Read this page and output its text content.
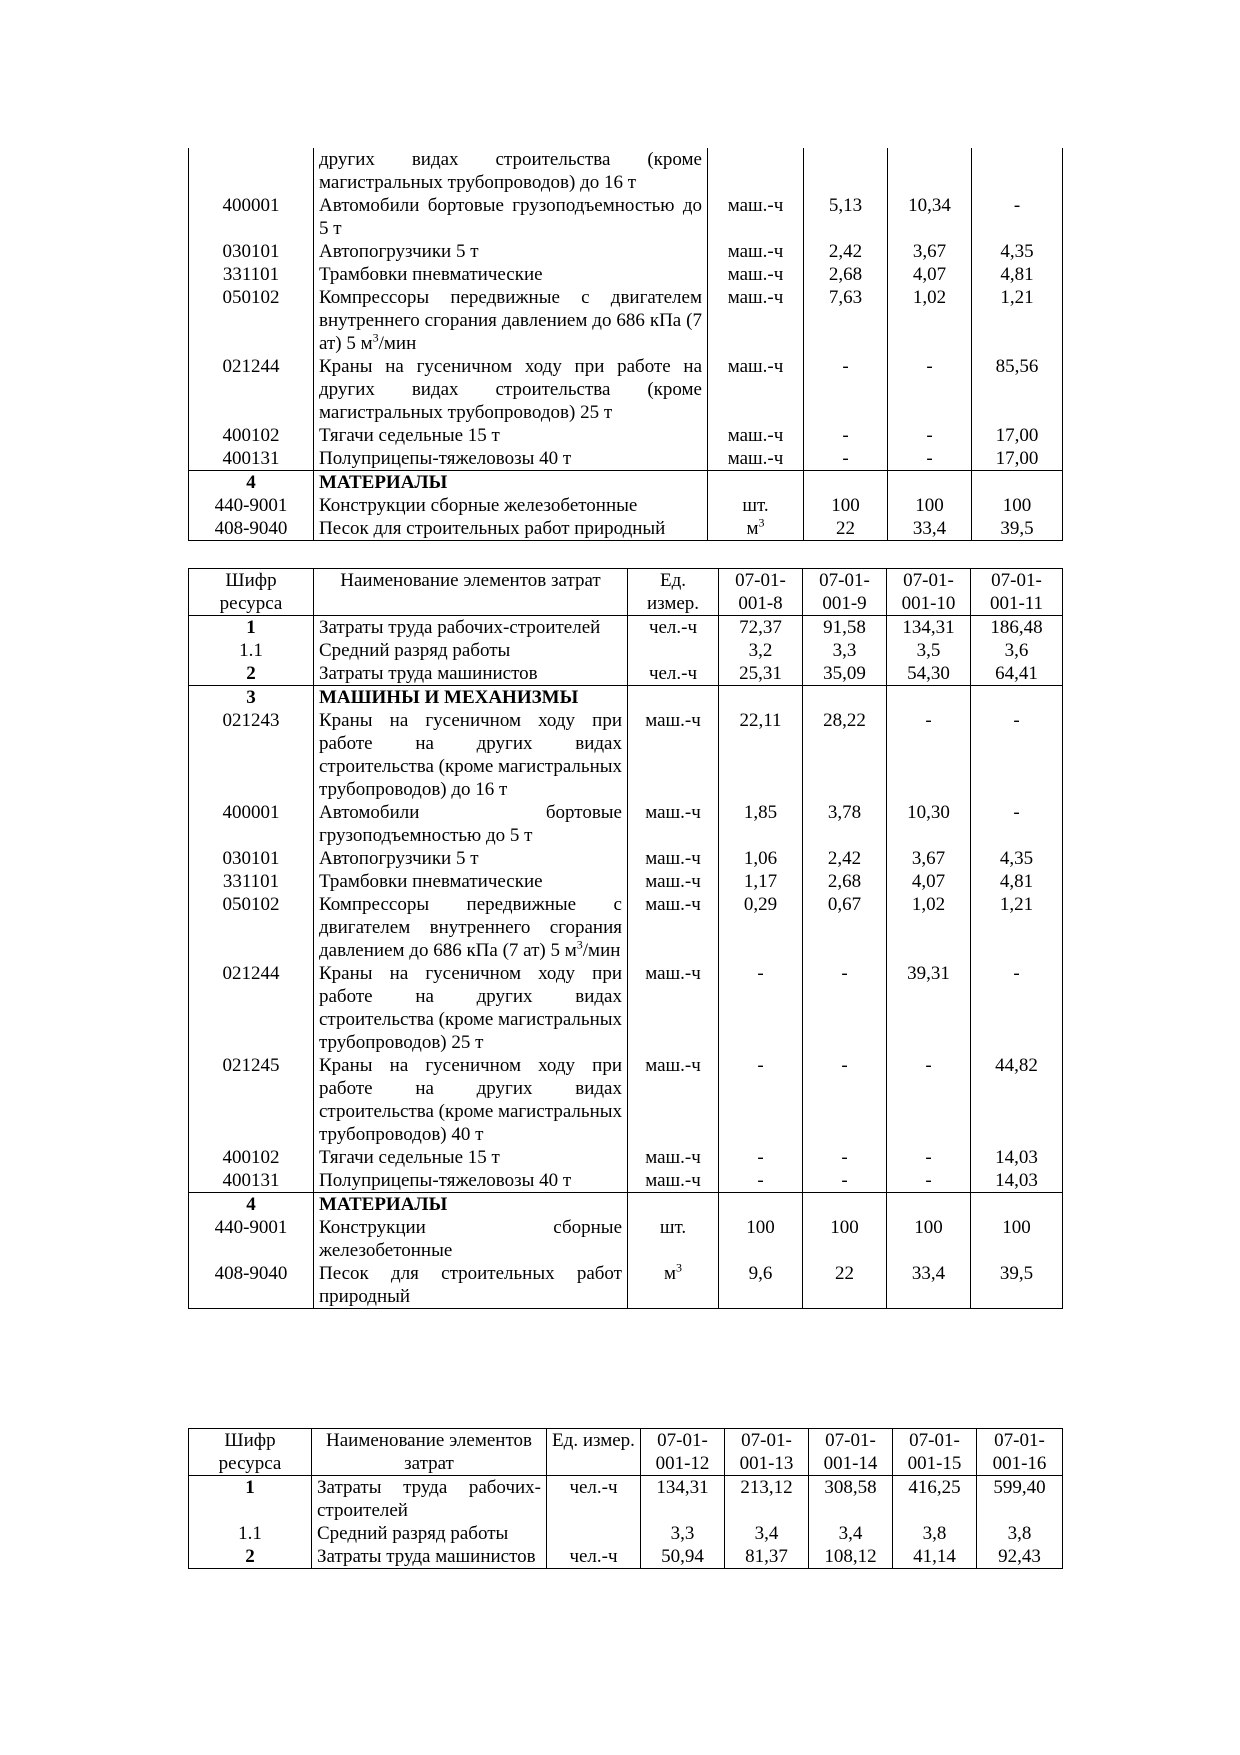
	других видах строительства (кроме магистральных трубопроводов) до 16 т				
400001	Автомобили бортовые грузоподъемностью до 5 т	маш.-ч	5,13	10,34	-
030101	Автопогрузчики 5 т	маш.-ч	2,42	3,67	4,35
331101	Трамбовки пневматические	маш.-ч	2,68	4,07	4,81
050102	Компрессоры передвижные с двигателем внутреннего сгорания давлением до 686 кПа (7 ат) 5 $м^3$/мин	маш.-ч	7,63	1,02	1,21
021244	Краны на гусеничном ходу при работе на других видах строительства (кроме магистральных трубопроводов) 25 т	маш.-ч	-	-	85,56
400102	Тягачи седельные 15 т	маш.-ч	-	-	17,00
400131	Полуприцепы-тяжеловозы 40 т	маш.-ч	-	-	17,00
4	МАТЕРИАЛЫ				
440-9001	Конструкции сборные железобетонные	шт.	100	100	100
408-9040	Песок для строительных работ природный	$м^3$	22	33,4	39,5
Шифр ресурса	Наименование элементов затрат	Ед. измер.	07-01-001-8	07-01-001-9	07-01-001-10	07-01-001-11
1	Затраты труда рабочих-строителей	чел.-ч	72,37	91,58	134,31	186,48
1.1	Средний разряд работы		3,2	3,3	3,5	3,6
2	Затраты труда машинистов	чел.-ч	25,31	35,09	54,30	64,41
3	МАШИНЫ И МЕХАНИЗМЫ					
021243	Краны на гусеничном ходу при работе на других видах строительства (кроме магистральных трубопроводов) до 16 т	маш.-ч	22,11	28,22	-	-
400001	Автомобили бортовые грузоподъемностью до 5 т	маш.-ч	1,85	3,78	10,30	-
030101	Автопогрузчики 5 т	маш.-ч	1,06	2,42	3,67	4,35
331101	Трамбовки пневматические	маш.-ч	1,17	2,68	4,07	4,81
050102	Компрессоры передвижные с двигателем внутреннего сгорания давлением до 686 кПа (7 ат) 5 $м^3$/мин	маш.-ч	0,29	0,67	1,02	1,21
021244	Краны на гусеничном ходу при работе на других видах строительства (кроме магистральных трубопроводов) 25 т	маш.-ч	-	-	39,31	-
021245	Краны на гусеничном ходу при работе на других видах строительства (кроме магистральных трубопроводов) 40 т	маш.-ч	-	-	-	44,82
400102	Тягачи седельные 15 т	маш.-ч	-	-	-	14,03
400131	Полуприцепы-тяжеловозы 40 т	маш.-ч	-	-	-	14,03
4	МАТЕРИАЛЫ					
440-9001	Конструкции сборные железобетонные	шт.	100	100	100	100
408-9040	Песок для строительных работ природный	$м^3$	9,6	22	33,4	39,5
Шифр ресурса	Наименование элементов затрат	Ед. измер.	07-01-001-12	07-01-001-13	07-01-001-14	07-01-001-15	07-01-001-16
1	Затраты труда рабочих-строителей	чел.-ч	134,31	213,12	308,58	416,25	599,40
1.1	Средний разряд работы		3,3	3,4	3,4	3,8	3,8
2	Затраты труда машинистов	чел.-ч	50,94	81,37	108,12	41,14	92,43
